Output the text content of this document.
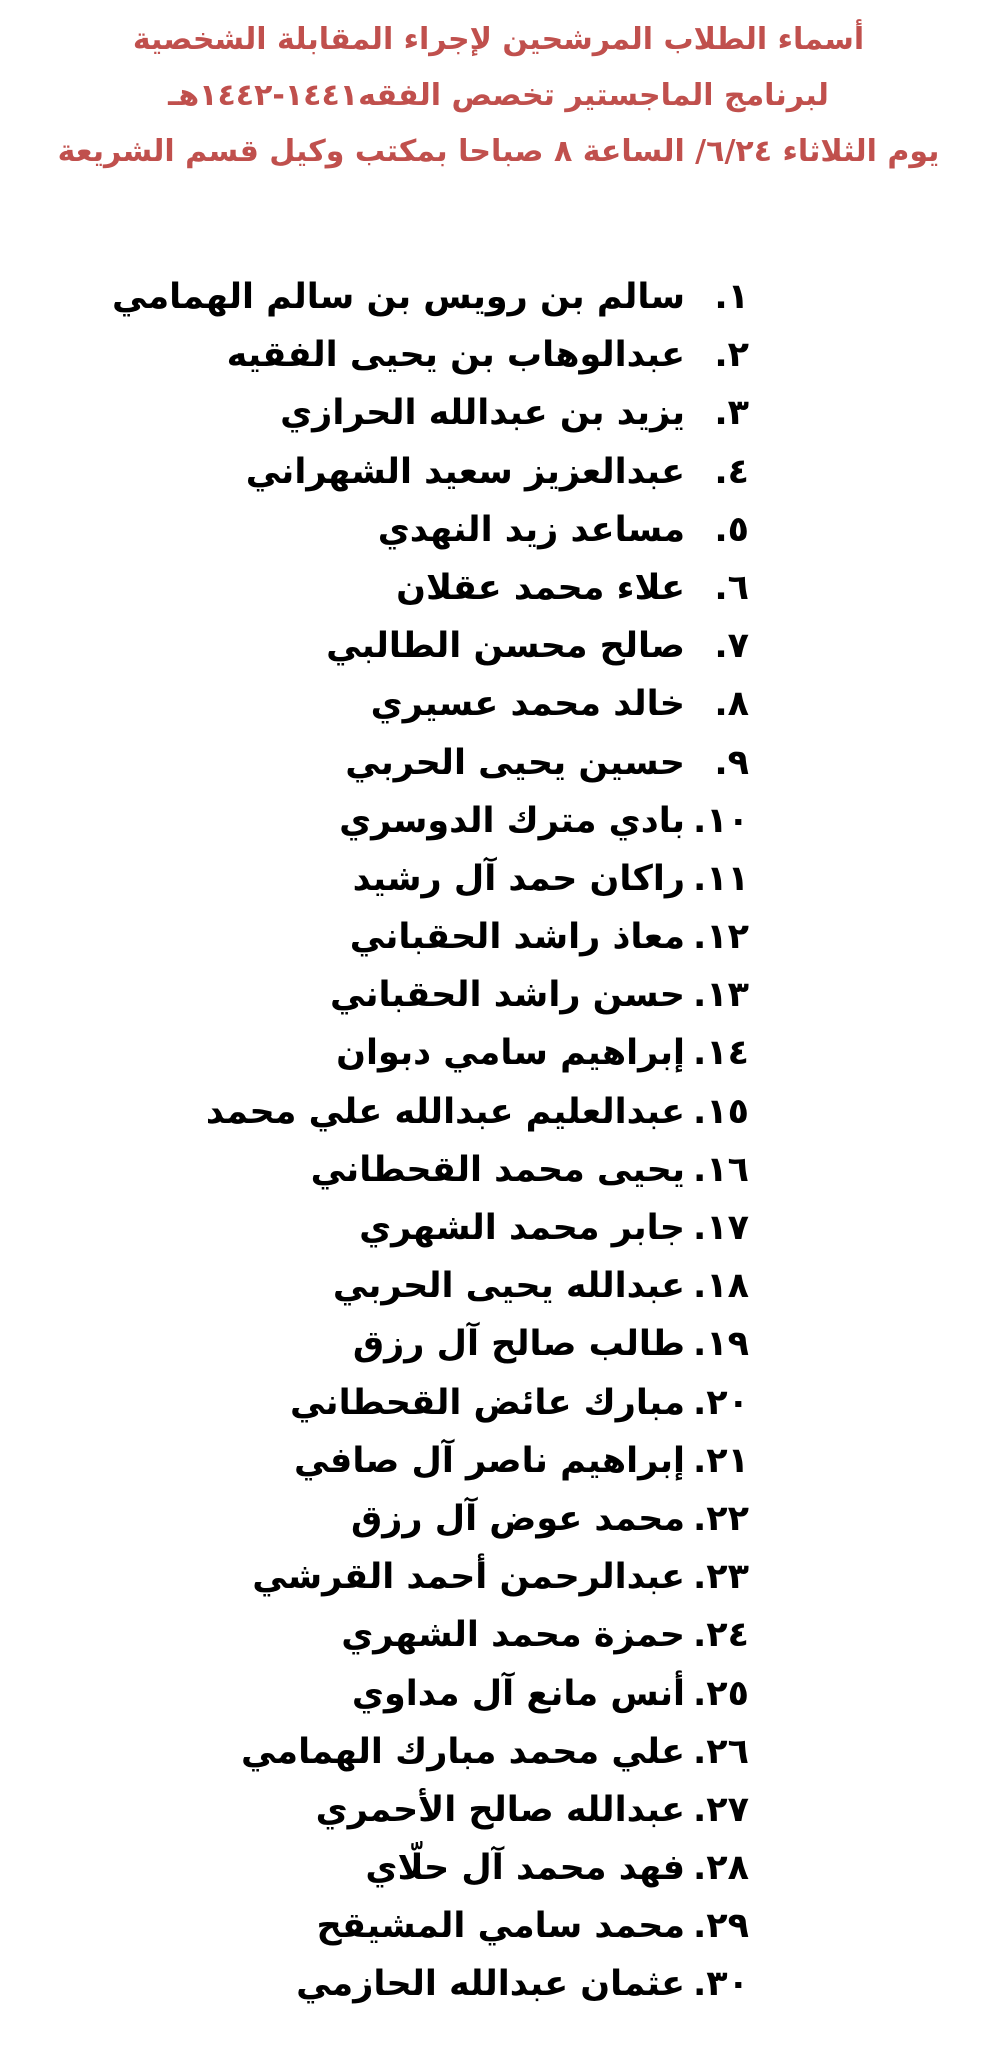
أسماء الطلاب المرشحين لإجراء المقابلة الشخصية
لبرنامج الماجستير تخصص الفقه١٤٤١-١٤٤٢هـ
يوم الثلاثاء ٦/٢٤/ الساعة ٨ صباحا بمكتب وكيل قسم الشريعة
١.
سالم بن رويس بن سالم الهمامي
٢.
عبدالوهاب بن يحيى الفقيه
٣.
يزيد بن عبدالله الحرازي
٤.
عبدالعزيز سعيد الشهراني
٥.
مساعد زيد النهدي
٦.
علاء محمد عقلان
٧.
صالح محسن الطالبي
٨.
خالد محمد عسيري
٩.
حسين يحيى الحربي
١٠.
بادي مترك الدوسري
١١.
راكان حمد آل رشيد
١٢.
معاذ راشد الحقباني
١٣.
حسن راشد الحقباني
١٤.
إبراهيم سامي دبوان
١٥.
عبدالعليم عبدالله علي محمد
١٦.
يحيى محمد القحطاني
١٧.
جابر محمد الشهري
١٨.
عبدالله يحيى الحربي
١٩.
طالب صالح آل رزق
٢٠.
مبارك عائض القحطاني
٢١.
إبراهيم ناصر آل صافي
٢٢.
محمد عوض آل رزق
٢٣.
عبدالرحمن أحمد القرشي
٢٤.
حمزة محمد الشهري
٢٥.
أنس مانع آل مداوي
٢٦.
علي محمد مبارك الهمامي
٢٧.
عبدالله صالح الأحمري
٢٨.
فهد محمد آل حلّاي
٢٩.
محمد سامي المشيقح
٣٠.
عثمان عبدالله الحازمي
